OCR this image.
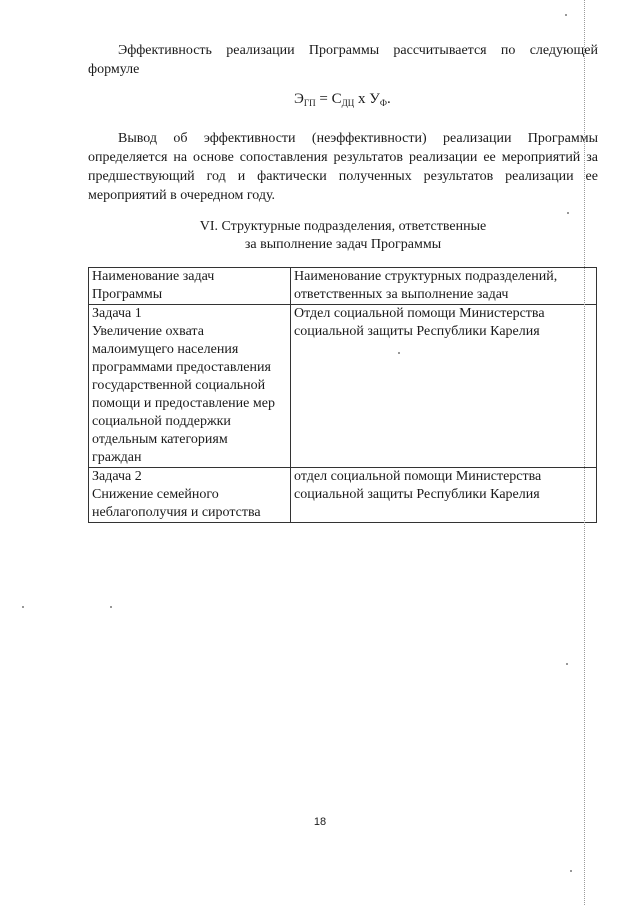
Эффективность реализации Программы рассчитывается по следующей формуле

$Э_{ГП} = С_{ДЦ}$ х $У_Ф$.

Вывод об эффективности (неэффективности) реализации Программы определяется на основе сопоставления результатов реализации ее мероприятий за предшествующий год и фактически полученных результатов реализации ее мероприятий в очередном году.

VI. Структурные подразделения, ответственные
за выполнение задач Программы
Наименование задач
Программы	Наименование структурных подразделений,
ответственных за выполнение задач

Задача 1
Увеличение охвата малоимущего населения программами предоставления государственной социальной помощи и предоставление мер социальной поддержки отдельным категориям граждан	Отдел социальной помощи Министерства
социальной защиты Республики Карелия

Задача 2
Снижение семейного неблагополучия и сиротства	отдел социальной помощи Министерства
социальной защиты Республики Карелия
18
